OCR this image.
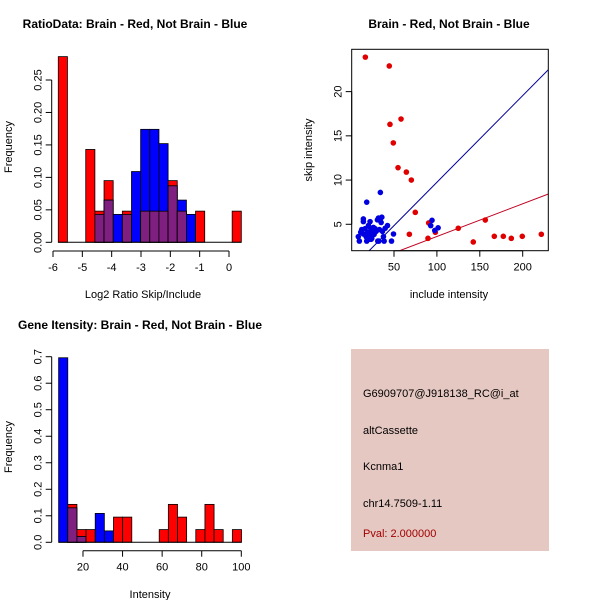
RatioData: Brain - Red, Not Brain - Blue	Brain - Red, Not Brain - Blue
Gene Itensity: Brain - Red, Not Brain - Blue
Log2 Ratio Skip/Include
Frequency
include intensity
skip intensity
Intensity
Frequency
-6 -5 -4 -3 -2 -1 0
0.00
0.05
0.10
0.15
0.20
0.25
50	100 150 200
5
10
15
20
20 40 60 80 100
0.0
0.1
0.2
0.3
0.4
0.5
0.6
0.7
G6909707@J918138_RC@i_at
altCassette
Kcnma1
chr14.7509-1.11
Pval: 2.000000
